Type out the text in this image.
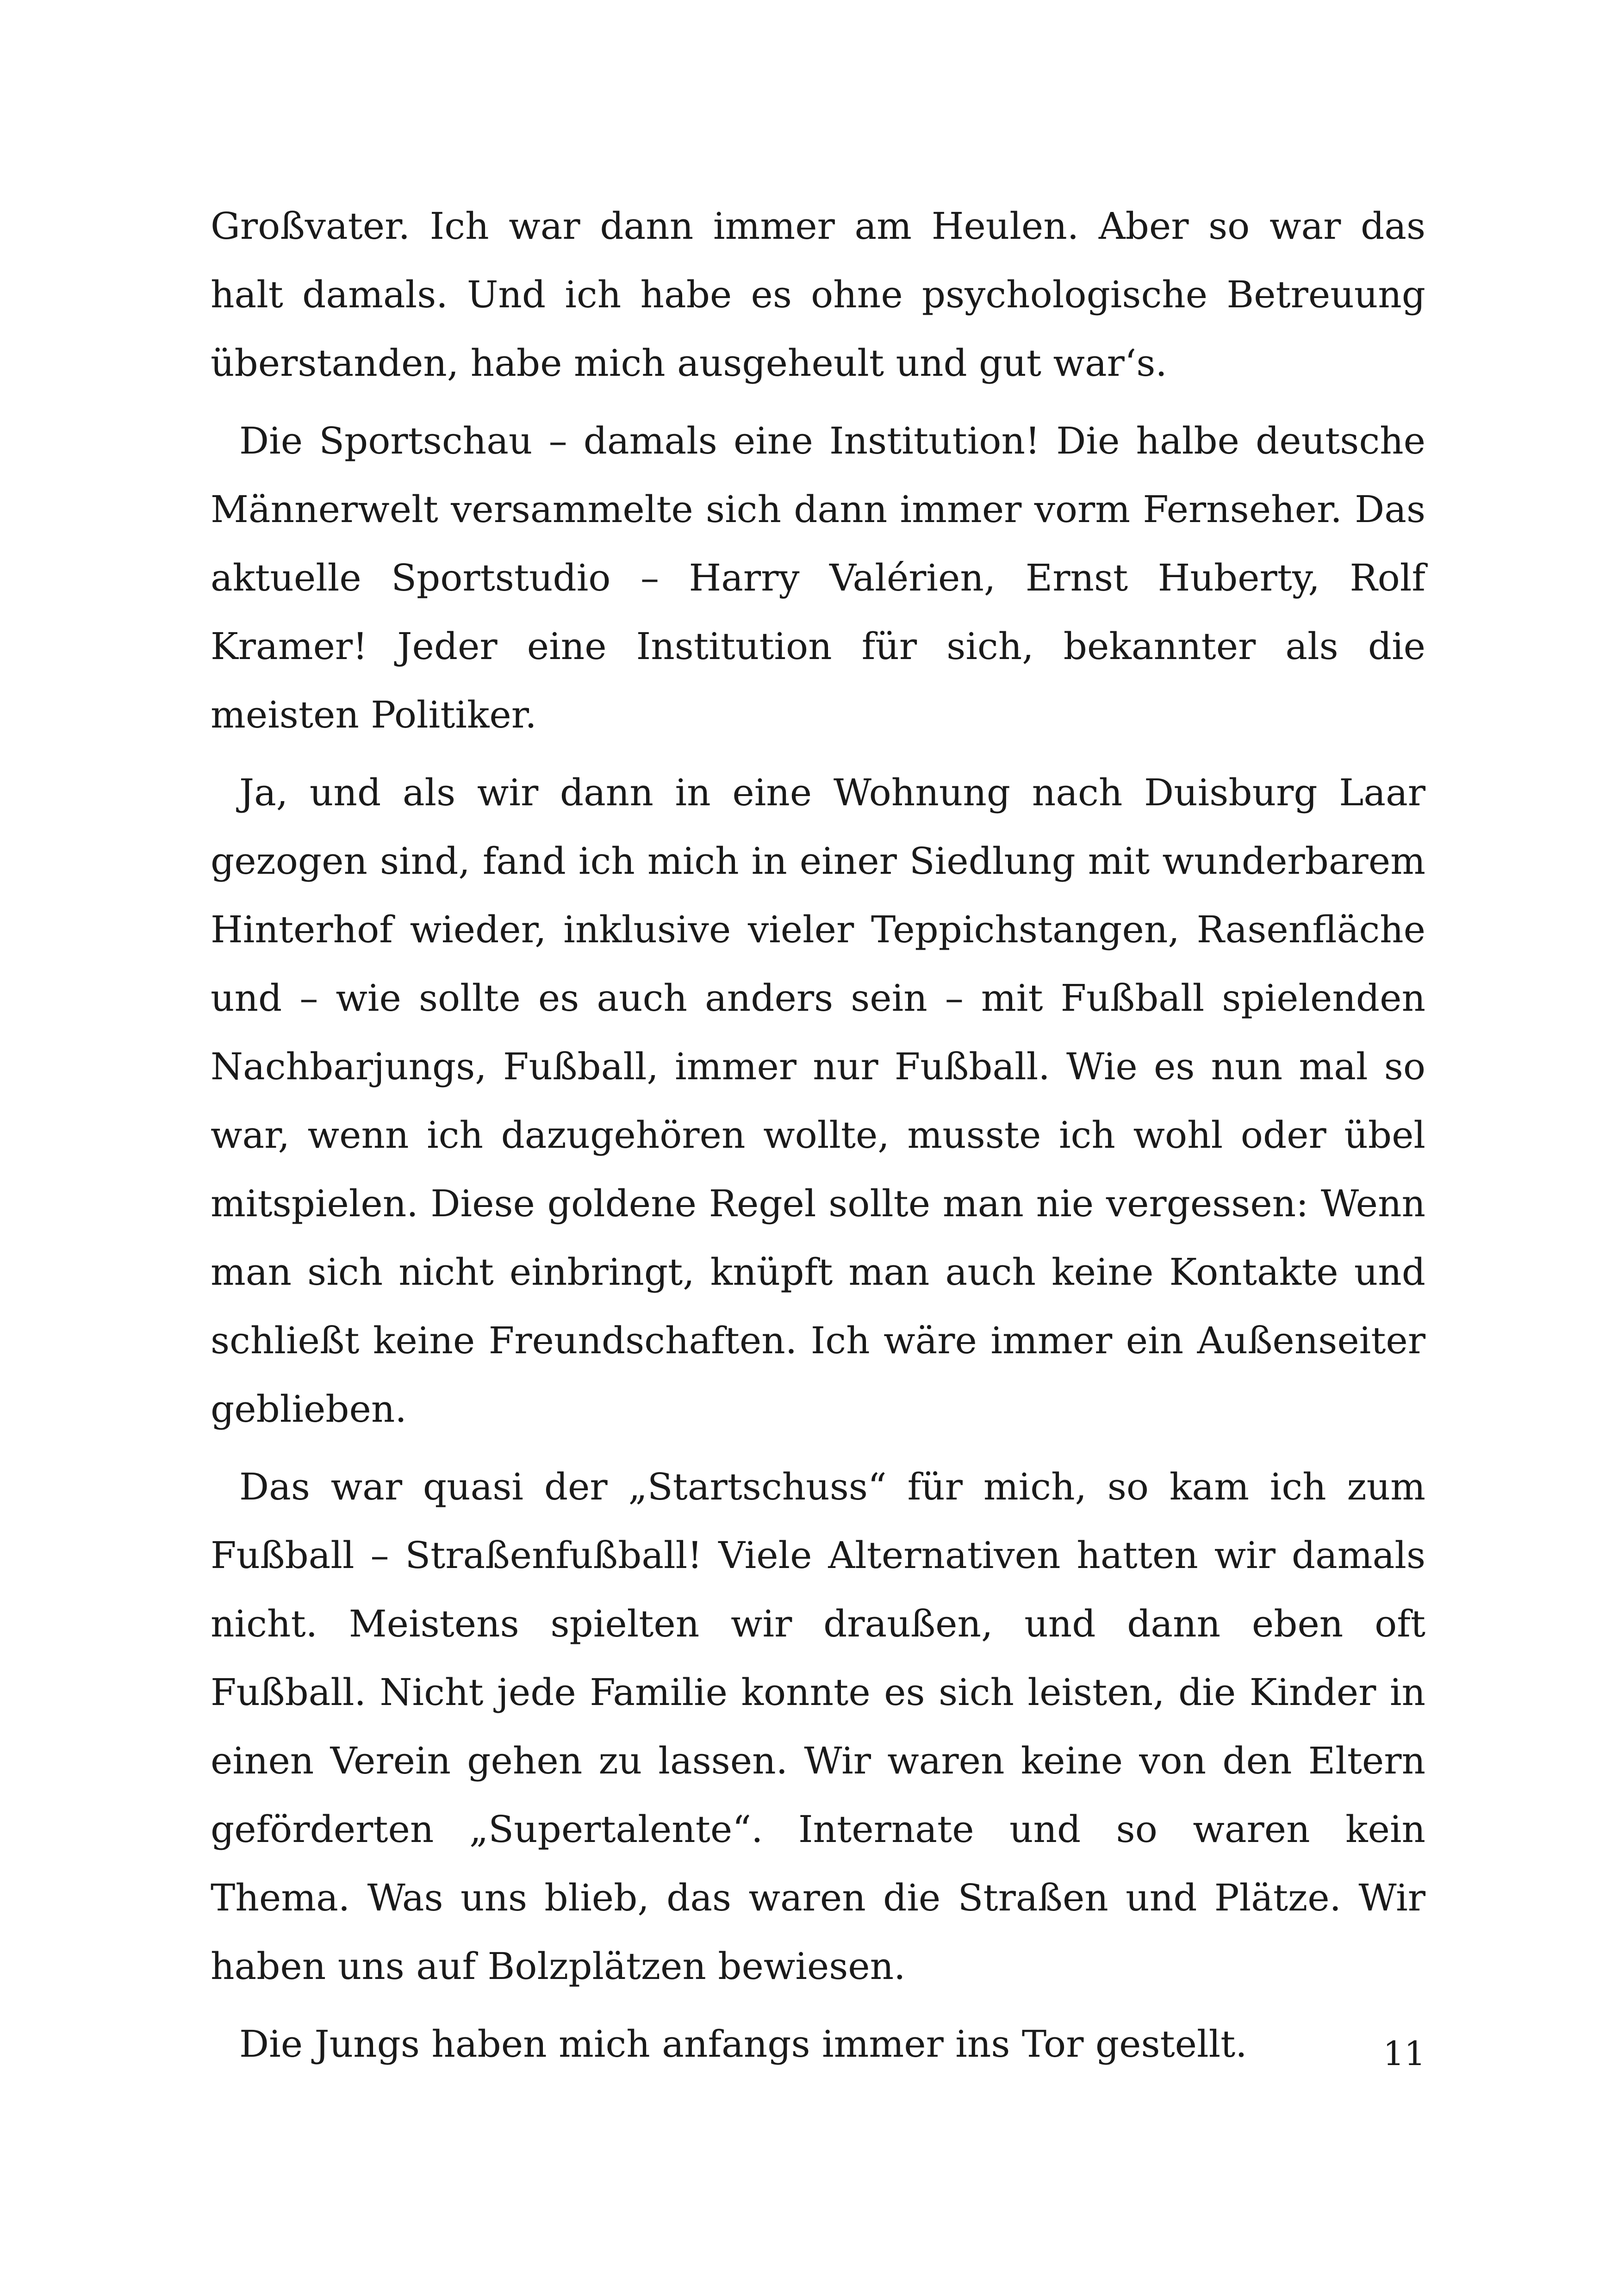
Großvater. Ich war dann immer am Heulen. Aber so war das halt damals. Und ich habe es ohne psychologische Betreuung überstanden, habe mich ausgeheult und gut war‘s.

Die Sportschau – damals eine Institution! Die halbe deutsche Männerwelt versammelte sich dann immer vorm Fernseher. Das aktuelle Sportstudio – Harry Valérien, Ernst Huberty, Rolf Kramer! Jeder eine Institution für sich, bekannter als die meisten Politiker.

Ja, und als wir dann in eine Wohnung nach Duisburg Laar gezogen sind, fand ich mich in einer Siedlung mit wunderbarem Hinterhof wieder, inklusive vieler Teppichstangen, Rasenfläche und – wie sollte es auch anders sein – mit Fußball spielenden Nachbarjungs, Fußball, immer nur Fußball. Wie es nun mal so war, wenn ich dazugehören wollte, musste ich wohl oder übel mitspielen. Diese goldene Regel sollte man nie vergessen: Wenn man sich nicht einbringt, knüpft man auch keine Kontakte und schließt keine Freundschaften. Ich wäre immer ein Außenseiter geblieben.

Das war quasi der „Startschuss“ für mich, so kam ich zum Fußball – Straßenfußball! Viele Alternativen hatten wir damals nicht. Meistens spielten wir draußen, und dann eben oft Fußball. Nicht jede Familie konnte es sich leisten, die Kinder in einen Verein gehen zu lassen. Wir waren keine von den Eltern geförderten „Supertalente“. Internate und so waren kein Thema. Was uns blieb, das waren die Straßen und Plätze. Wir haben uns auf Bolzplätzen bewiesen.

Die Jungs haben mich anfangs immer ins Tor gestellt.	11
